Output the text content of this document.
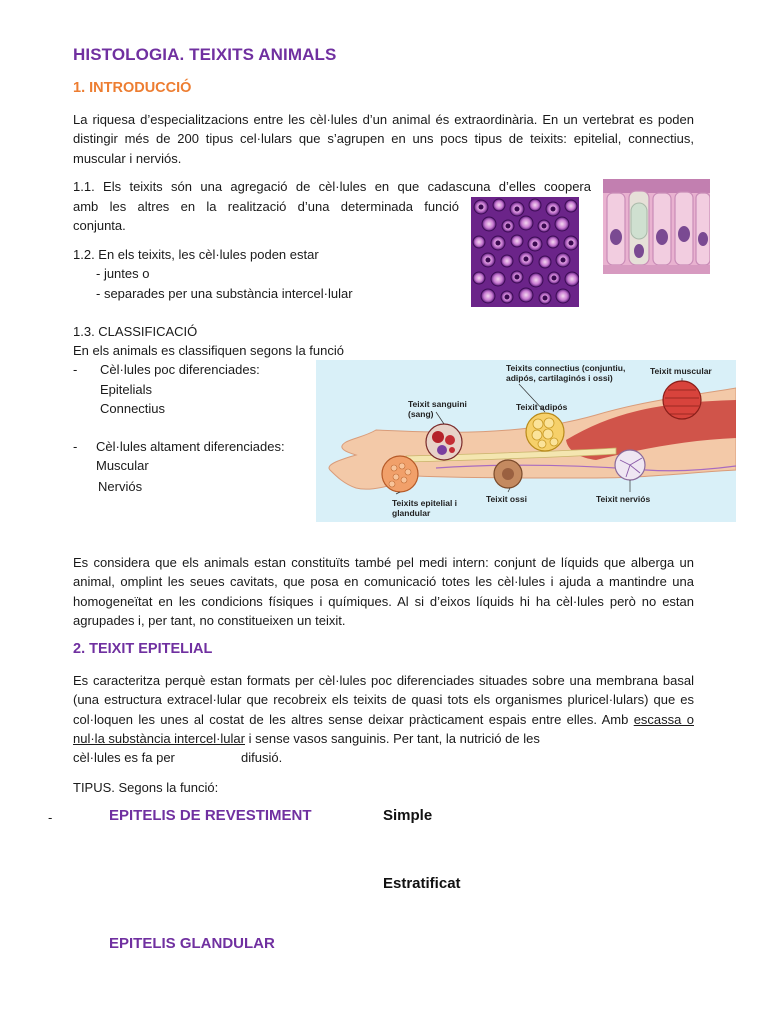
HISTOLOGIA. TEIXITS ANIMALS
1. INTRODUCCIÓ
La riquesa d’especialitzacions entre les cèl·lules d’un animal és extraordinària. En un vertebrat es poden distingir més de 200 tipus cel·lulars que s’agrupen en uns pocs tipus de teixits: epitelial, connectius, muscular i nerviós.
1.1. Els teixits són una agregació de cèl·lules en que cadascuna d’elles coopera
amb les altres en la realització d’una determinada funció
conjunta.
1.2. En els teixits, les cèl·lules poden estar
- juntes o
- separades per una substància intercel·lular
1.3. CLASSIFICACIÓ
En els animals es classifiquen segons la funció
- Cèl·lules poc diferenciades:
Epitelials
Connectius
- Cèl·lules altament diferenciades:
Muscular
Nerviós
Teixits connectius (conjuntiu, adipós, cartilaginós i ossi)
Teixit muscular
Teixit sanguini (sang)
Teixit adipós
Teixits epitelial i glandular
Teixit ossi	Teixit nerviós
Es considera que els animals estan constituïts també pel medi intern: conjunt de líquids que alberga un animal, omplint les seues cavitats, que posa en comunicació totes les cèl·lules i ajuda a mantindre una homogeneïtat en les condicions físiques i químiques. Al si d’eixos líquids hi ha cèl·lules però no estan agrupades i, per tant, no constitueixen un teixit.
2. TEIXIT EPITELIAL
Es caracteritza perquè estan formats per cèl·lules poc diferenciades situades sobre una membrana basal (una estructura extracel·lular que recobreix els teixits de quasi tots els organismes pluricel·lulars) que es col·loquen les unes al costat de les altres sense deixar pràcticament espais entre elles. Amb escassa o nul·la substància intercel·lular i sense vasos sanguinis. Per tant, la nutrició de les
cèl·lules es fa per	difusió.
TIPUS. Segons la funció:
-	EPITELIS DE REVESTIMENT	Simple
Estratificat
EPITELIS GLANDULAR
